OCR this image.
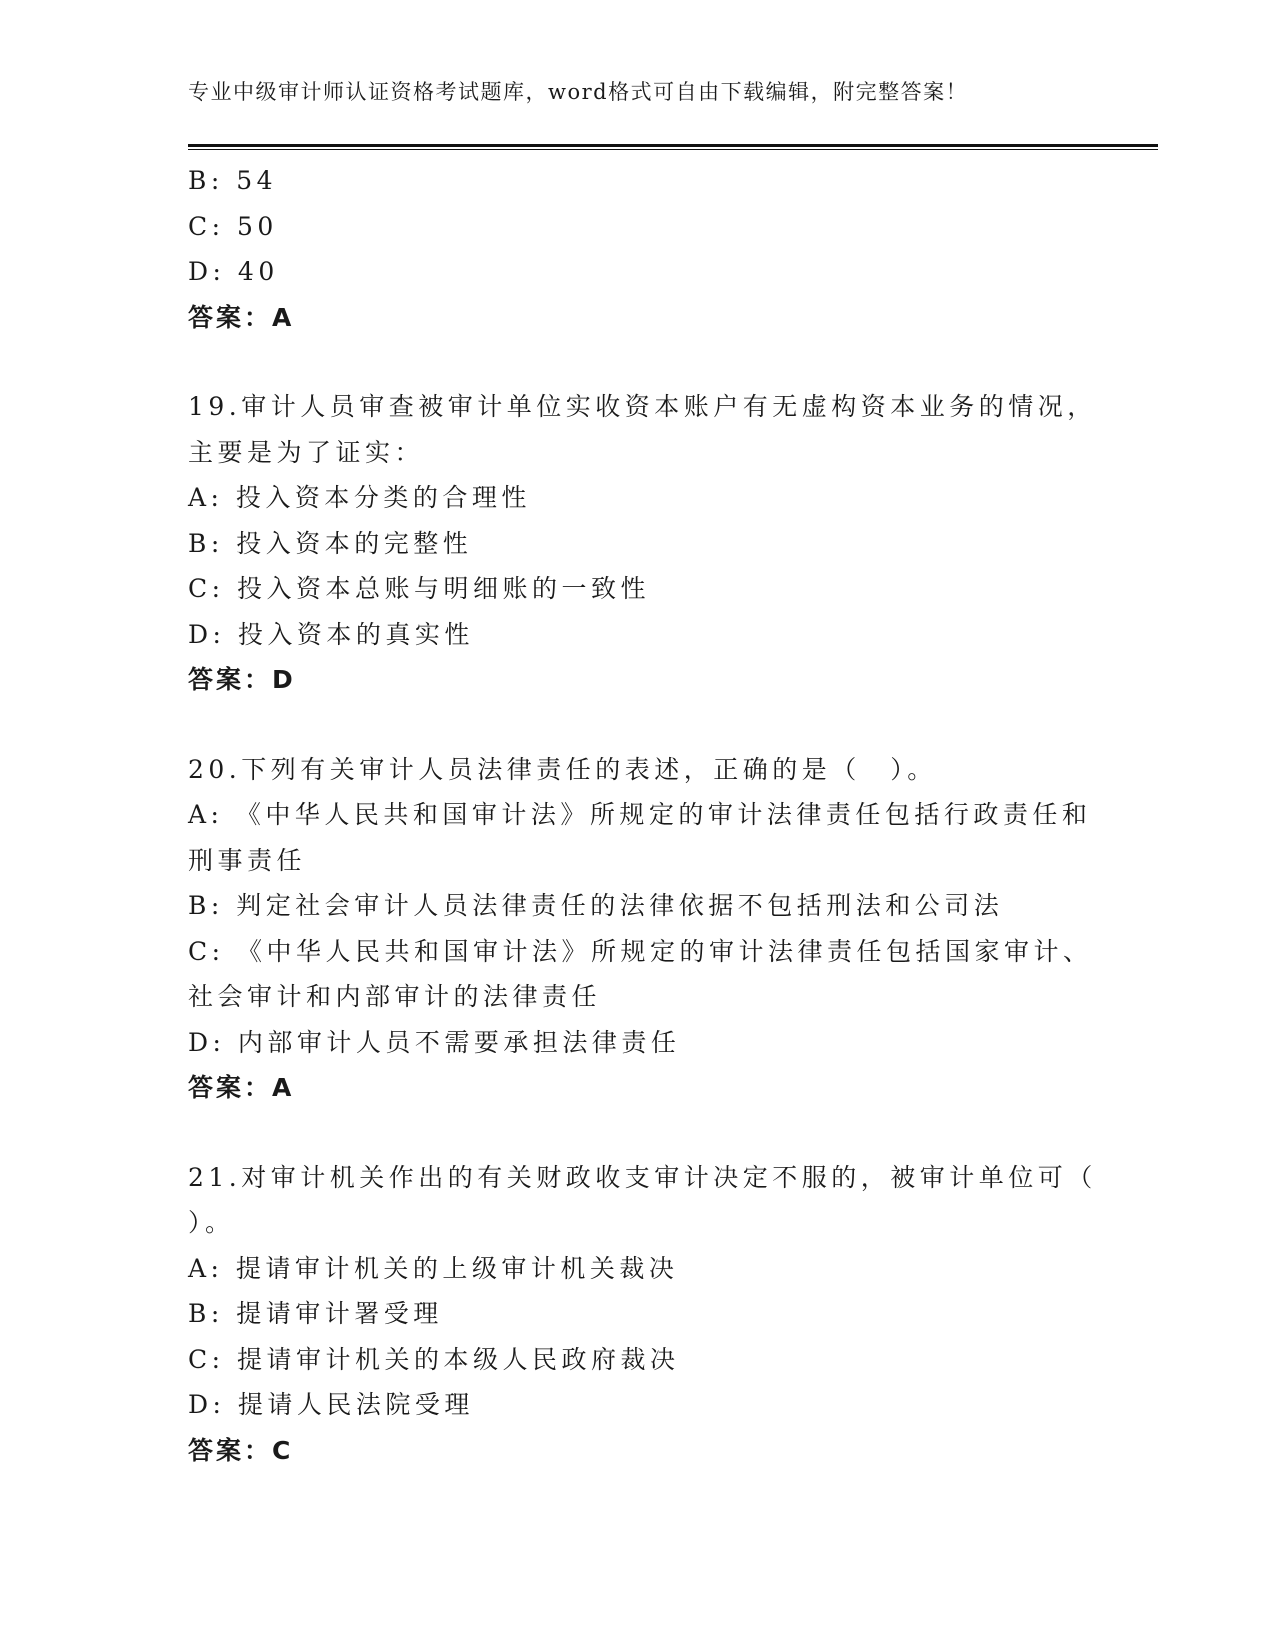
专业中级审计师认证资格考试题库，word格式可自由下载编辑，附完整答案！
B: 54
C: 50
D: 40
答案：A
19.审计人员审查被审计单位实收资本账户有无虚构资本业务的情况，
主要是为了证实：
A: 投入资本分类的合理性
B: 投入资本的完整性
C: 投入资本总账与明细账的一致性
D: 投入资本的真实性
答案：D
20.下列有关审计人员法律责任的表述，正确的是（　）。
A: 《中华人民共和国审计法》所规定的审计法律责任包括行政责任和
刑事责任
B: 判定社会审计人员法律责任的法律依据不包括刑法和公司法
C: 《中华人民共和国审计法》所规定的审计法律责任包括国家审计、
社会审计和内部审计的法律责任
D: 内部审计人员不需要承担法律责任
答案：A
21.对审计机关作出的有关财政收支审计决定不服的，被审计单位可（
）。
A: 提请审计机关的上级审计机关裁决
B: 提请审计署受理
C: 提请审计机关的本级人民政府裁决
D: 提请人民法院受理
答案：C
